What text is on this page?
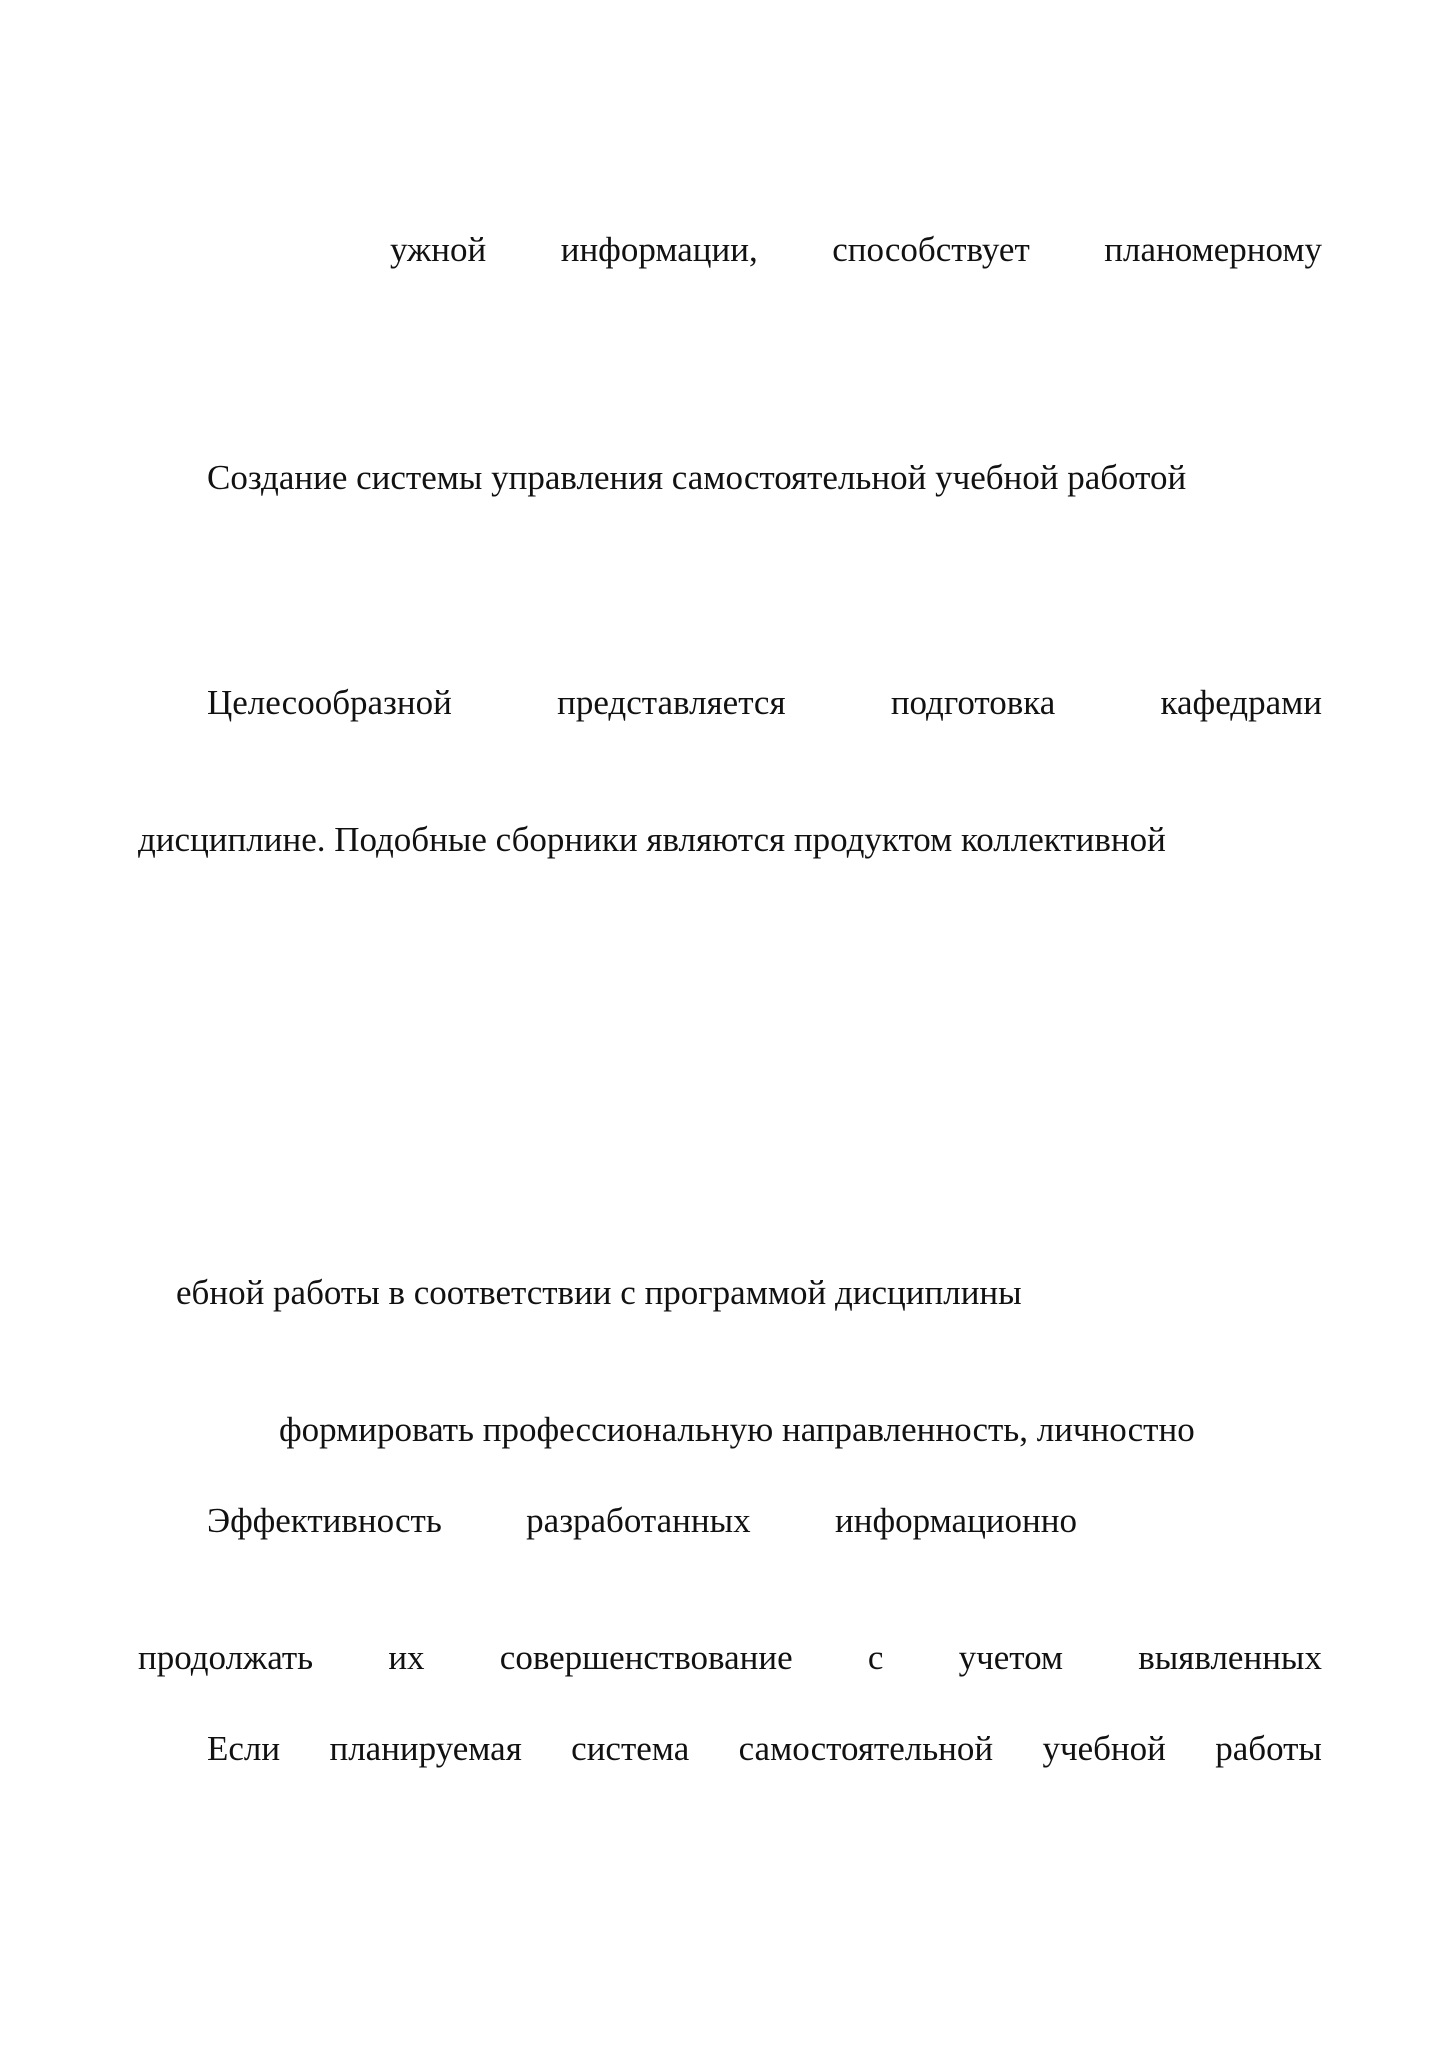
ужной информации, способствует планомерному
Создание системы управления самостоятельной учебной работой
Целесообразной	представляется	подготовка	кафедрами
дисциплине. Подобные сборники являются продуктом коллективной
ебной работы в соответствии с программой дисциплины
формировать профессиональную направленность, личностно
Эффективность разработанных информационно
продолжать их совершенствование с учетом выявленных
Если планируемая система самостоятельной учебной работы
